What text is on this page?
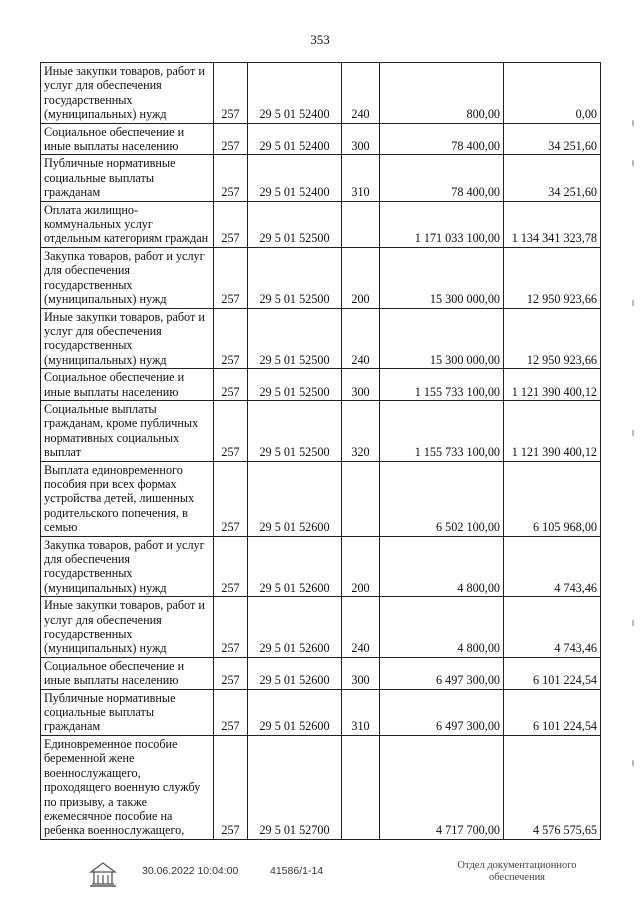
353
Иные закупки товаров, работ и услуг для обеспечения государственных (муниципальных) нужд	257	29 5 01 52400	240	800,00	0,00
Социальное обеспечение и иные выплаты населению	257	29 5 01 52400	300	78 400,00	34 251,60
Публичные нормативные социальные выплаты гражданам	257	29 5 01 52400	310	78 400,00	34 251,60
Оплата жилищно-коммунальных услуг отдельным категориям граждан	257	29 5 01 52500		1 171 033 100,00	1 134 341 323,78
Закупка товаров, работ и услуг для обеспечения государственных (муниципальных) нужд	257	29 5 01 52500	200	15 300 000,00	12 950 923,66
Иные закупки товаров, работ и услуг для обеспечения государственных (муниципальных) нужд	257	29 5 01 52500	240	15 300 000,00	12 950 923,66
Социальное обеспечение и иные выплаты населению	257	29 5 01 52500	300	1 155 733 100,00	1 121 390 400,12
Социальные выплаты гражданам, кроме публичных нормативных социальных выплат	257	29 5 01 52500	320	1 155 733 100,00	1 121 390 400,12
Выплата единовременного пособия при всех формах устройства детей, лишенных родительского попечения, в семью	257	29 5 01 52600		6 502 100,00	6 105 968,00
Закупка товаров, работ и услуг для обеспечения государственных (муниципальных) нужд	257	29 5 01 52600	200	4 800,00	4 743,46
Иные закупки товаров, работ и услуг для обеспечения государственных (муниципальных) нужд	257	29 5 01 52600	240	4 800,00	4 743,46
Социальное обеспечение и иные выплаты населению	257	29 5 01 52600	300	6 497 300,00	6 101 224,54
Публичные нормативные социальные выплаты гражданам	257	29 5 01 52600	310	6 497 300,00	6 101 224,54
Единовременное пособие беременной жене военнослужащего, проходящего военную службу по призыву, а также ежемесячное пособие на ребенка военнослужащего,	257	29 5 01 52700		4 717 700,00	4 576 575,65
30.06.2022 10:04:00	41586/1-14	Отдел документационного
обеспечения
